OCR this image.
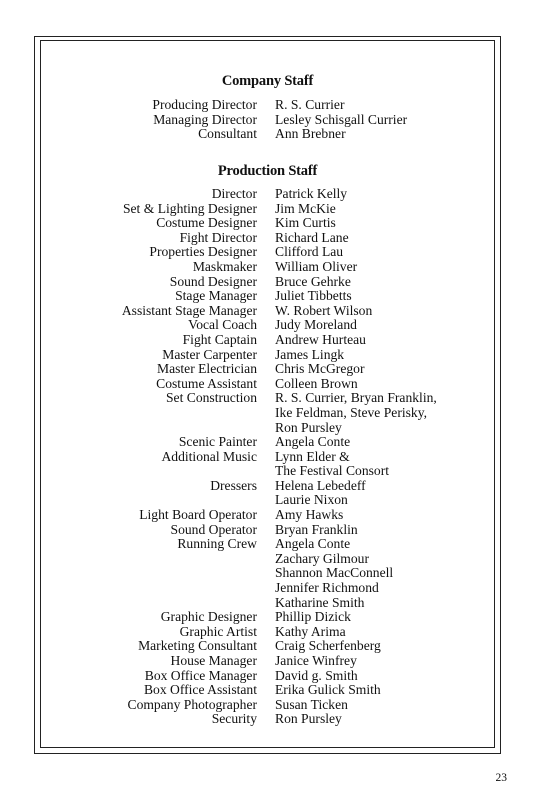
Company Staff
Producing Director R. S. Currier
Managing Director Lesley Schisgall Currier
Consultant Ann Brebner
Production Staff
Director Patrick Kelly
Set & Lighting Designer Jim McKie
Costume Designer Kim Curtis
Fight Director Richard Lane
Properties Designer Clifford Lau
Maskmaker William Oliver
Sound Designer Bruce Gehrke
Stage Manager Juliet Tibbetts
Assistant Stage Manager W. Robert Wilson
Vocal Coach Judy Moreland
Fight Captain Andrew Hurteau
Master Carpenter James Lingk
Master Electrician Chris McGregor
Costume Assistant Colleen Brown
Set Construction R. S. Currier, Bryan Franklin,
Ike Feldman, Steve Perisky,
Ron Pursley
Scenic Painter Angela Conte
Additional Music Lynn Elder &
The Festival Consort
Dressers Helena Lebedeff
Laurie Nixon
Light Board Operator Amy Hawks
Sound Operator Bryan Franklin
Running Crew Angela Conte
Zachary Gilmour
Shannon MacConnell
Jennifer Richmond
Katharine Smith
Graphic Designer Phillip Dizick
Graphic Artist Kathy Arima
Marketing Consultant Craig Scherfenberg
House Manager Janice Winfrey
Box Office Manager David g. Smith
Box Office Assistant Erika Gulick Smith
Company Photographer Susan Ticken
Security Ron Pursley
23
